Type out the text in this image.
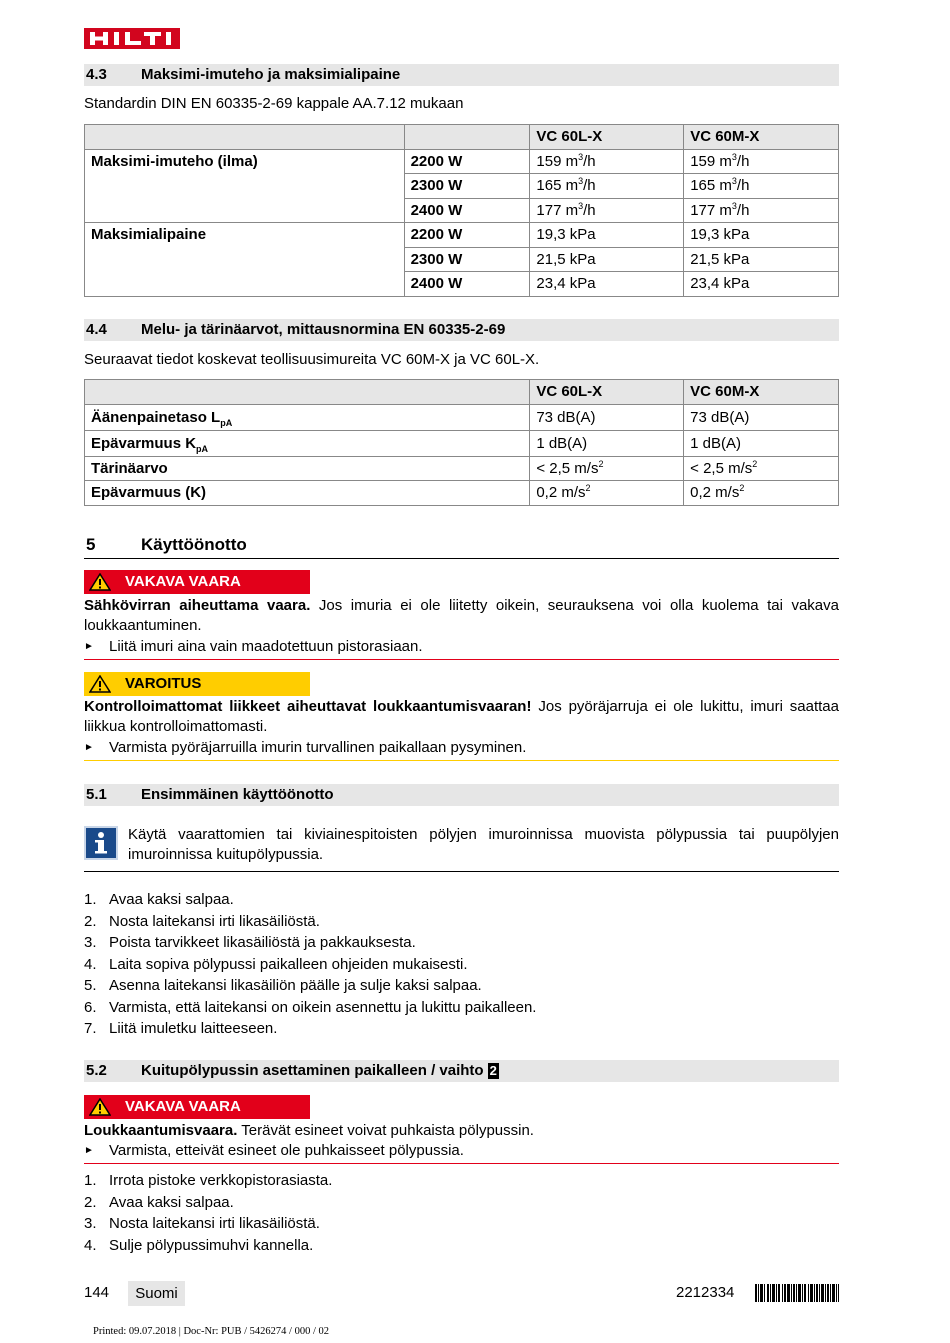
4.3 Maksimi-imuteho ja maksimialipaine
Standardin DIN EN 60335-2-69 kappale AA.7.12 mukaan
		VC 60L-X	VC 60M-X
Maksimi-imuteho (ilma)	2200 W	159 $m^3/h$	159 $m^3/h$
	2300 W	165 $m^3/h$	165 $m^3/h$
	2400 W	177 $m^3/h$	177 $m^3/h$
Maksimialipaine	2200 W	19,3 kPa	19,3 kPa
	2300 W	21,5 kPa	21,5 kPa
	2400 W	23,4 kPa	23,4 kPa
4.4 Melu- ja tärinäarvot, mittausnormina EN 60335-2-69
Seuraavat tiedot koskevat teollisuusimureita VC 60M-X ja VC 60L-X.
	VC 60L-X	VC 60M-X
Äänenpainetaso $L_{pA}$	73 dB(A)	73 dB(A)
Epävarmuus $K_{pA}$	1 dB(A)	1 dB(A)
Tärinäarvo	< 2,5 $m/s^2$	< 2,5 $m/s^2$
Epävarmuus (K)	0,2 $m/s^2$	0,2 $m/s^2$
5	Käyttöönotto
VAKAVA VAARA
Sähkövirran aiheuttama vaara. Jos imuria ei ole liitetty oikein, seurauksena voi olla kuolema tai vakava loukkaantuminen.
► Liitä imuri aina vain maadotettuun pistorasiaan.
VAROITUS
Kontrolloimattomat liikkeet aiheuttavat loukkaantumisvaaran! Jos pyöräjarruja ei ole lukittu, imuri saattaa liikkua kontrolloimattomasti.
► Varmista pyöräjarruilla imurin turvallinen paikallaan pysyminen.
5.1 Ensimmäinen käyttöönotto
Käytä vaarattomien tai kiviainespitoisten pölyjen imuroinnissa muovista pölypussia tai puupölyjen imuroinnissa kuitupölypussia.
1. Avaa kaksi salpaa.
2. Nosta laitekansi irti likasäiliöstä.
3. Poista tarvikkeet likasäiliöstä ja pakkauksesta.
4. Laita sopiva pölypussi paikalleen ohjeiden mukaisesti.
5. Asenna laitekansi likasäiliön päälle ja sulje kaksi salpaa.
6. Varmista, että laitekansi on oikein asennettu ja lukittu paikalleen.
7. Liitä imuletku laitteeseen.
5.2 Kuitupölypussin asettaminen paikalleen / vaihto 2
VAKAVA VAARA
Loukkaantumisvaara. Terävät esineet voivat puhkaista pölypussin.
► Varmista, etteivät esineet ole puhkaisseet pölypussia.
1. Irrota pistoke verkkopistorasiasta.
2. Avaa kaksi salpaa.
3. Nosta laitekansi irti likasäiliöstä.
4. Sulje pölypussimuhvi kannella.
144	Suomi	2212334
Printed: 09.07.2018 | Doc-Nr: PUB / 5426274 / 000 / 02
